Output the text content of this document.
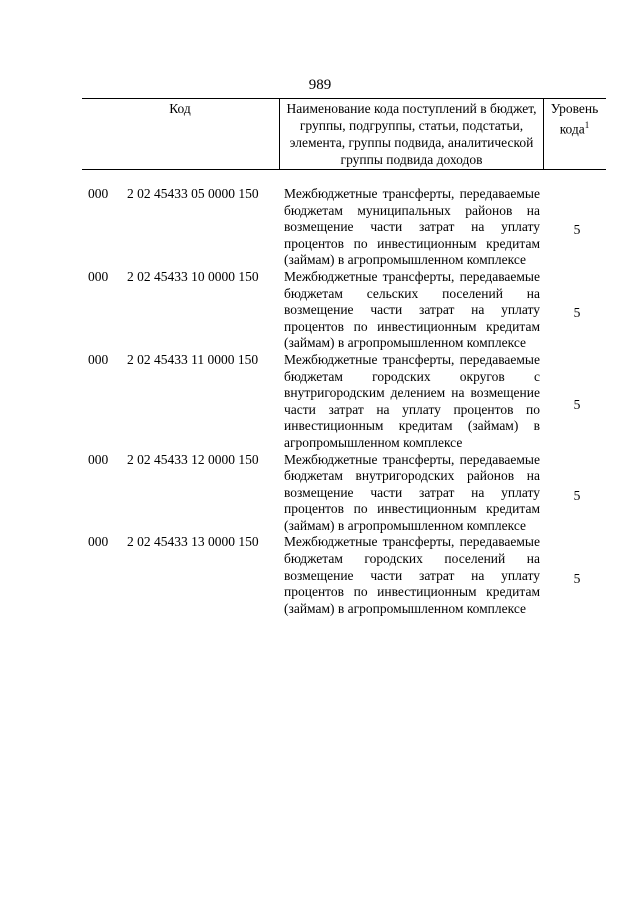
989
Код	Наименование кода поступлений в бюджет, группы, подгруппы, статьи, подстатьи, элемента, группы подвида, аналитической группы подвида доходов
Уровень кода$^1$
000 2 02 45433 05 0000 150 Межбюджетные трансферты, передаваемые бюджетам муниципальных районов на возмещение части затрат на уплату процентов по инвестиционным кредитам (займам) в агропромышленном комплексе
5
000 2 02 45433 10 0000 150 Межбюджетные трансферты, передаваемые бюджетам сельских поселений на возмещение части затрат на уплату процентов по инвестиционным кредитам (займам) в агропромышленном комплексе
5
000 2 02 45433 11 0000 150 Межбюджетные трансферты, передаваемые бюджетам городских округов с внутригородским делением на возмещение части затрат на уплату процентов по инвестиционным кредитам (займам) в агропромышленном комплексе
5
000 2 02 45433 12 0000 150 Межбюджетные трансферты, передаваемые бюджетам внутригородских районов на возмещение части затрат на уплату процентов по инвестиционным кредитам (займам) в агропромышленном комплексе
5
000 2 02 45433 13 0000 150 Межбюджетные трансферты, передаваемые бюджетам городских поселений на возмещение части затрат на уплату процентов по инвестиционным кредитам (займам) в агропромышленном комплексе
5
